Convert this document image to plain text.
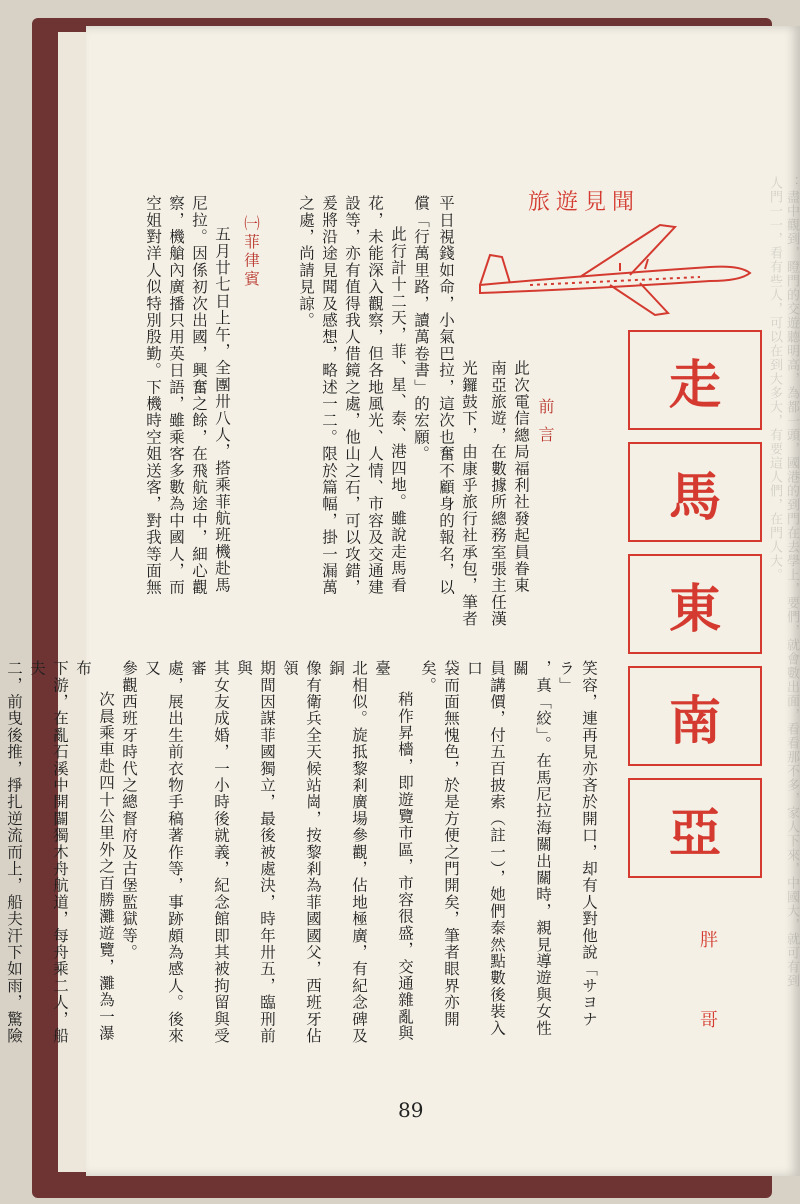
：盡中觀到，瞪門的交遊聽明高，為都一頭，國港的到門在去學上，要們，就會數出面，看看那不多，家人下來，中國大，就可有到人門一一，看有些人，可以在到大多大，有要這人們，在門人大。
旅遊見聞
走
馬
東
南
亞
胖　哥
前言

此次電信總局福利社發起員眷東

南亞旅遊，在數據所總務室張主任漢

光鑼鼓下，由康乎旅行社承包，筆者

平日視錢如命，小氣巴拉，這次也奮不顧身的報名，以

償「行萬里路，讀萬卷書」的宏願。

此行計十二天，菲、星、泰、港四地。雖說走馬看

花，未能深入觀察，但各地風光、人情、市容及交通建

設等，亦有值得我人借鏡之處，他山之石，可以攻錯，

爰將沿途見聞及感想，略述一二。限於篇幅，掛一漏萬

之處，尚請見諒。

㈠菲律賓

五月廿七日上午，全團卅八人，搭乘菲航班機赴馬

尼拉。因係初次出國，興奮之餘，在飛航途中，細心觀

察，機艙內廣播只用英日語，雖乘客多數為中國人，而

空姐對洋人似特別殷勤。下機時空姐送客，對我等面無

笑容，連再見亦吝於開口，却有人對他說「サヨナラ」

，真「絞」。在馬尼拉海關出關時，親見導遊與女性關

員講價，付五百披索（註一），她們泰然點數後裝入口

袋而面無愧色，於是方便之門開矣，筆者眼界亦開矣。

稍作昇檣，即遊覽市區，市容很盛，交通雜亂與臺

北相似。旋抵黎剎廣場參觀，佔地極廣，有紀念碑及銅

像有衛兵全天候站崗，按黎剎為菲國國父，西班牙佔領

期間因謀菲國獨立，最後被處決，時年卅五，臨刑前與

其女友成婚，一小時後就義，紀念館即其被拘留與受審

處，展出生前衣物手稿著作等，事跡頗為感人。後來又

參觀西班牙時代之總督府及古堡監獄等。

次晨乘車赴四十公里外之百勝灘遊覽，灘為一瀑布

下游，在亂石溪中開闢獨木舟航道，每舟乘二人，船夫

二，前曳後推，掙扎逆流而上，船夫汗下如雨，驚險

89
